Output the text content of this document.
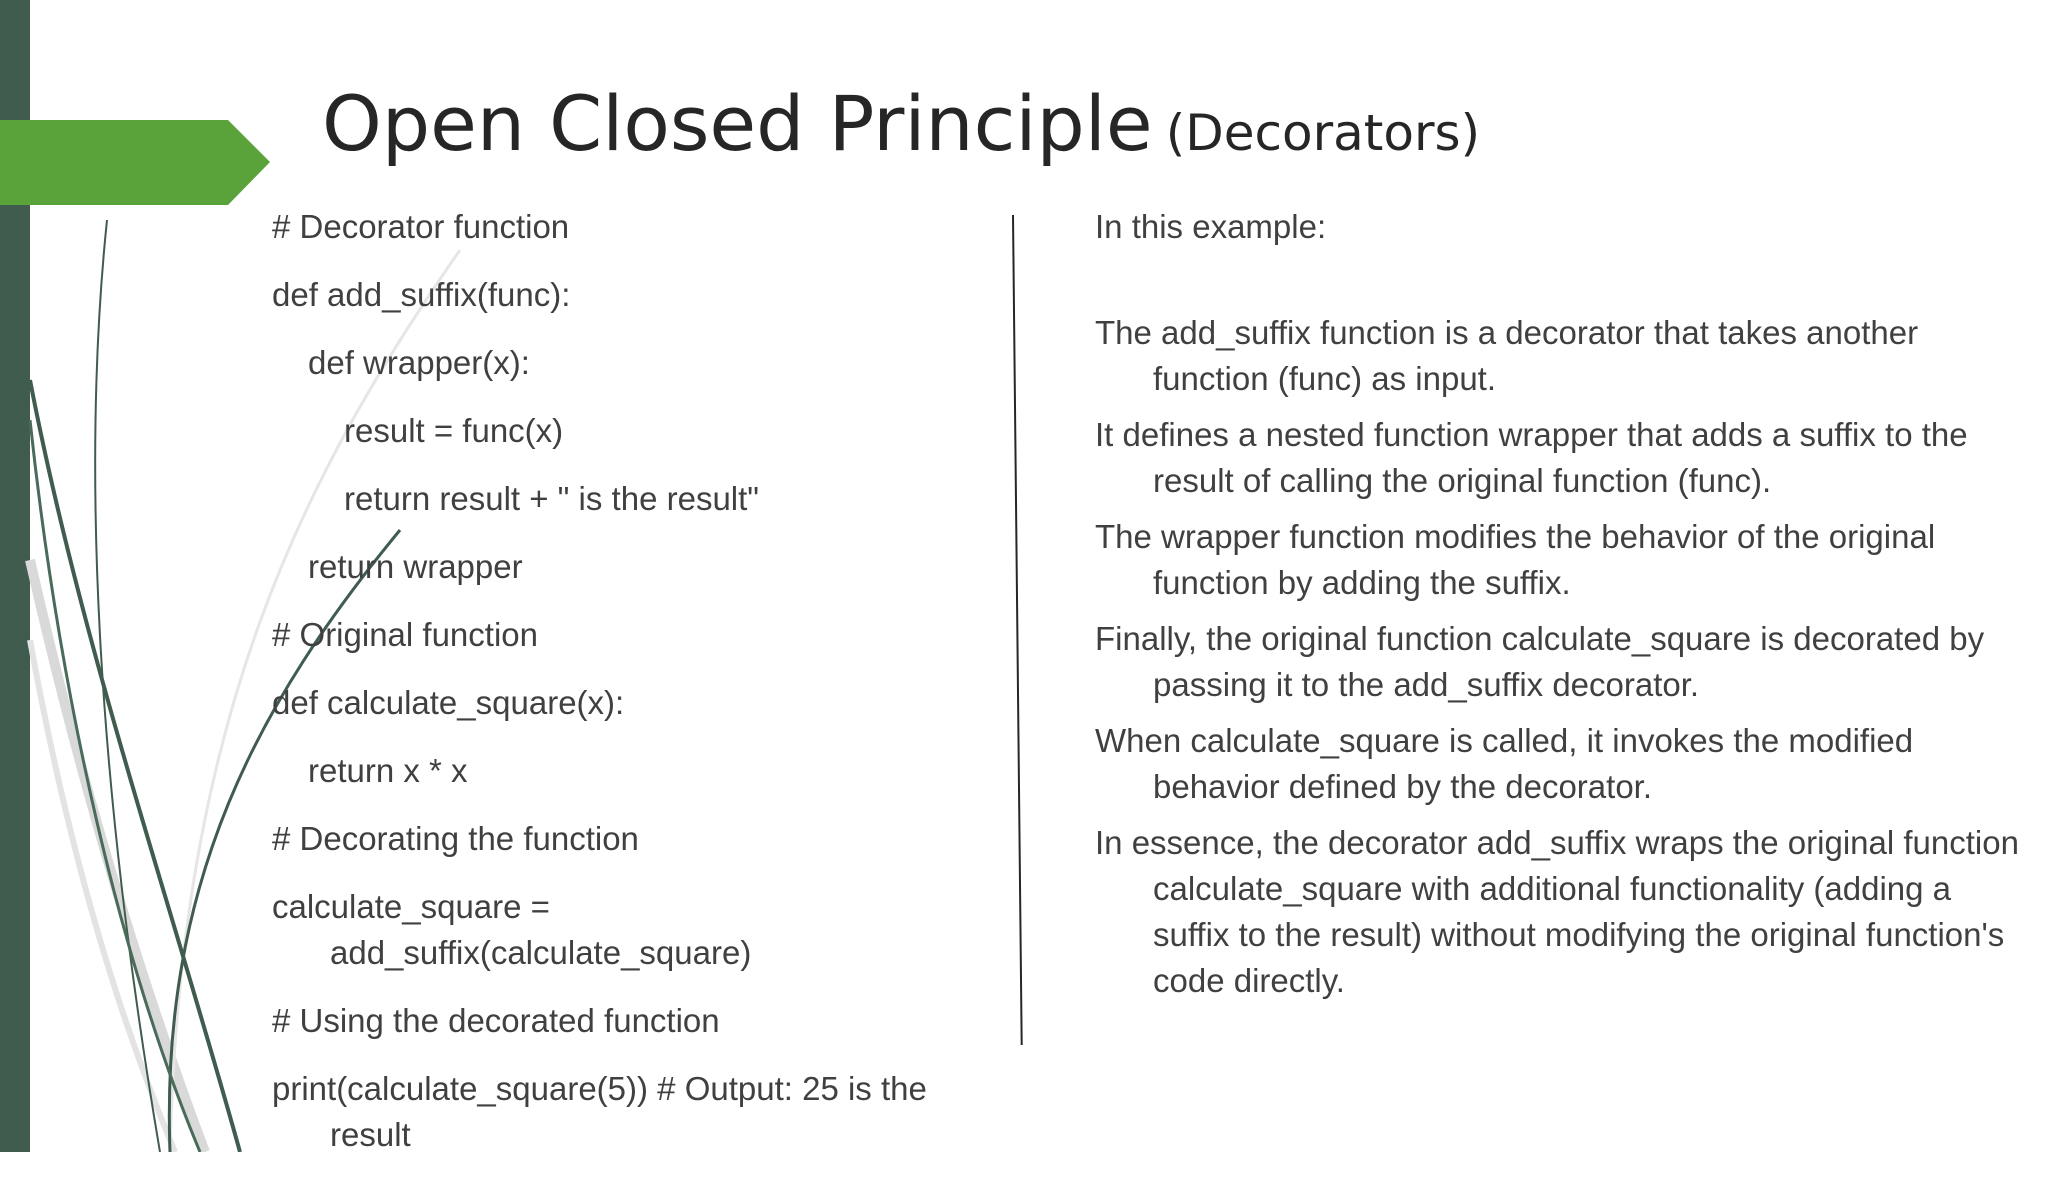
Open Closed Principle (Decorators)
# Decorator function
def add_suffix(func):
def wrapper(x):
result = func(x)
return result + " is the result"
return wrapper
# Original function
def calculate_square(x):
return x * x
# Decorating the function
calculate_square = add_suffix(calculate_square)
# Using the decorated function
print(calculate_square(5)) # Output: 25 is the result
In this example:
The add_suffix function is a decorator that takes another function (func) as input.
It defines a nested function wrapper that adds a suffix to the result of calling the original function (func).
The wrapper function modifies the behavior of the original function by adding the suffix.
Finally, the original function calculate_square is decorated by passing it to the add_suffix decorator.
When calculate_square is called, it invokes the modified behavior defined by the decorator.
In essence, the decorator add_suffix wraps the original function calculate_square with additional functionality (adding a suffix to the result) without modifying the original function's code directly.
